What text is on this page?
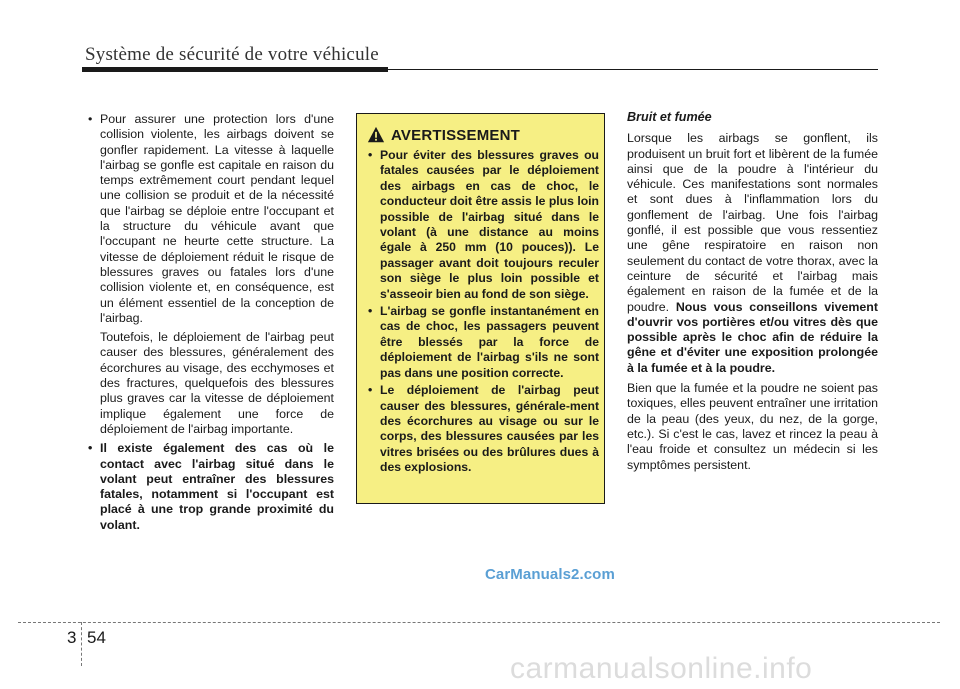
Système de sécurité de votre véhicule

• Pour assurer une protection lors d'une collision violente, les airbags doivent se gonfler rapidement. La vitesse à laquelle l'airbag se gonfle est capitale en raison du temps extrêmement court pendant lequel une collision se produit et de la nécessité que l'airbag se déploie entre l'occupant et la structure du véhicule avant que l'occupant ne heurte cette structure. La vitesse de déploiement réduit le risque de blessures graves ou fatales lors d'une collision violente et, en conséquence, est un élément essentiel de la conception de l'airbag.

Toutefois, le déploiement de l'airbag peut causer des blessures, généralement des écorchures au visage, des ecchymoses et des fractures, quelquefois des blessures plus graves car la vitesse de déploiement implique également une force de déploiement de l'airbag importante.

• Il existe également des cas où le contact avec l'airbag situé dans le volant peut entraîner des blessures fatales, notamment si l'occupant est placé à une trop grande proximité du volant.

AVERTISSEMENT

• Pour éviter des blessures graves ou fatales causées par le déploiement des airbags en cas de choc, le conducteur doit être assis le plus loin possible de l'airbag situé dans le volant (à une distance au moins égale à 250 mm (10 pouces)). Le passager avant doit toujours reculer son siège le plus loin possible et s'asseoir bien au fond de son siège.

• L'airbag se gonfle instantanément en cas de choc, les passagers peuvent être blessés par la force de déploiement de l'airbag s'ils ne sont pas dans une position correcte.

• Le déploiement de l'airbag peut causer des blessures, générale-ment des écorchures au visage ou sur le corps, des blessures causées par les vitres brisées ou des brûlures dues à des explosions.

Bruit et fumée

Lorsque les airbags se gonflent, ils produisent un bruit fort et libèrent de la fumée ainsi que de la poudre à l'intérieur du véhicule. Ces manifestations sont normales et sont dues à l'inflammation lors du gonflement de l'airbag. Une fois l'airbag gonflé, il est possible que vous ressentiez une gêne respiratoire en raison non seulement du contact de votre thorax, avec la ceinture de sécurité et l'airbag mais également en raison de la fumée et de la poudre. Nous vous conseillons vivement d'ouvrir vos portières et/ou vitres dès que possible après le choc afin de réduire la gêne et d'éviter une exposition prolongée à la fumée et à la poudre.

Bien que la fumée et la poudre ne soient pas toxiques, elles peuvent entraîner une irritation de la peau (des yeux, du nez, de la gorge, etc.). Si c'est le cas, lavez et rincez la peau à l'eau froide et consultez un médecin si les symptômes persistent.

CarManuals2.com
3 54
carmanualsonline.info
